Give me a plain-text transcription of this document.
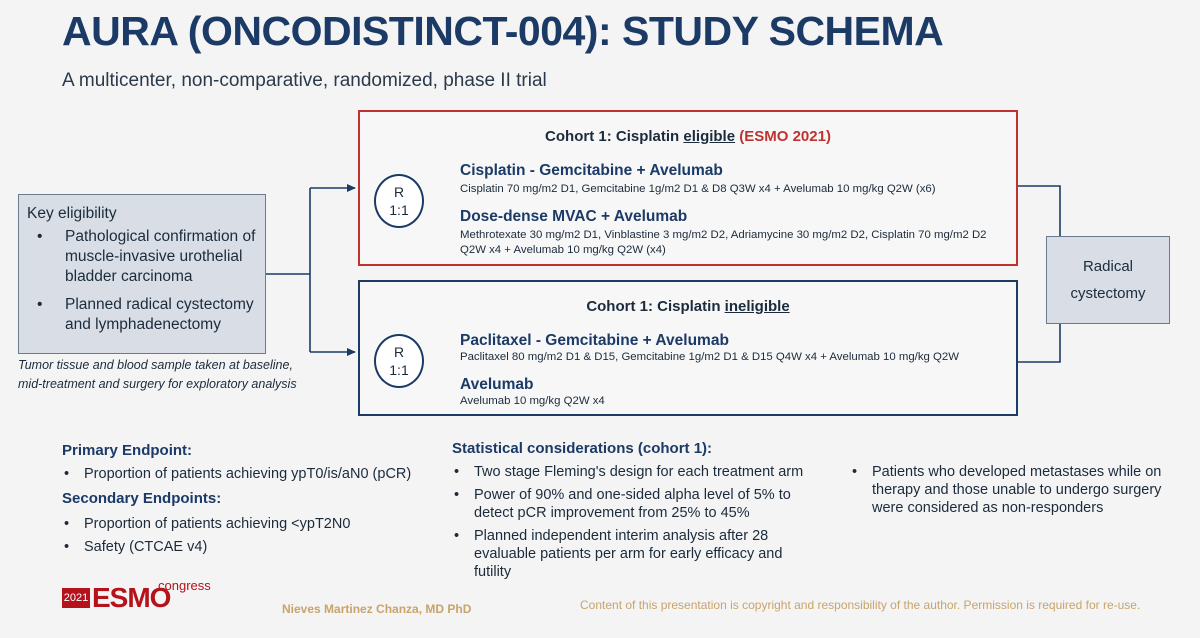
AURA (ONCODISTINCT-004): STUDY SCHEMA
A multicenter, non-comparative, randomized, phase II trial
Key eligibility
• Pathological confirmation of muscle-invasive urothelial bladder carcinoma
• Planned radical cystectomy and lymphadenectomy
Tumor tissue and blood sample taken at baseline, mid-treatment and surgery for exploratory analysis
Cohort 1: Cisplatin eligible (ESMO 2021)
R
1:1
Cisplatin - Gemcitabine + Avelumab
Cisplatin 70 mg/m2 D1, Gemcitabine 1g/m2 D1 & D8 Q3W x4 + Avelumab 10 mg/kg Q2W (x6)
Dose-dense MVAC + Avelumab
Methrotexate 30 mg/m2 D1, Vinblastine 3 mg/m2 D2, Adriamycine 30 mg/m2 D2, Cisplatin 70 mg/m2 D2 Q2W x4 + Avelumab 10 mg/kg Q2W (x4)
Cohort 1: Cisplatin ineligible
R
1:1
Paclitaxel - Gemcitabine + Avelumab
Paclitaxel 80 mg/m2 D1 & D15, Gemcitabine 1g/m2 D1 & D15 Q4W x4 + Avelumab 10 mg/kg Q2W
Avelumab
Avelumab 10 mg/kg Q2W x4
Radical
cystectomy
Primary Endpoint:
• Proportion of patients achieving ypT0/is/aN0 (pCR)
Secondary Endpoints:
• Proportion of patients achieving <ypT2N0
• Safety (CTCAE v4)
Statistical considerations (cohort 1):
• Two stage Fleming's design for each treatment arm
• Power of 90% and one-sided alpha level of 5% to detect pCR improvement from 25% to 45%
• Planned independent interim analysis after 28 evaluable patients per arm for early efficacy and futility
• Patients who developed metastases while on therapy and those unable to undergo surgery were considered as non-responders
2021 ESMO
congress
Nieves Martinez Chanza, MD PhD	Content of this presentation is copyright and responsibility of the author. Permission is required for re-use.
